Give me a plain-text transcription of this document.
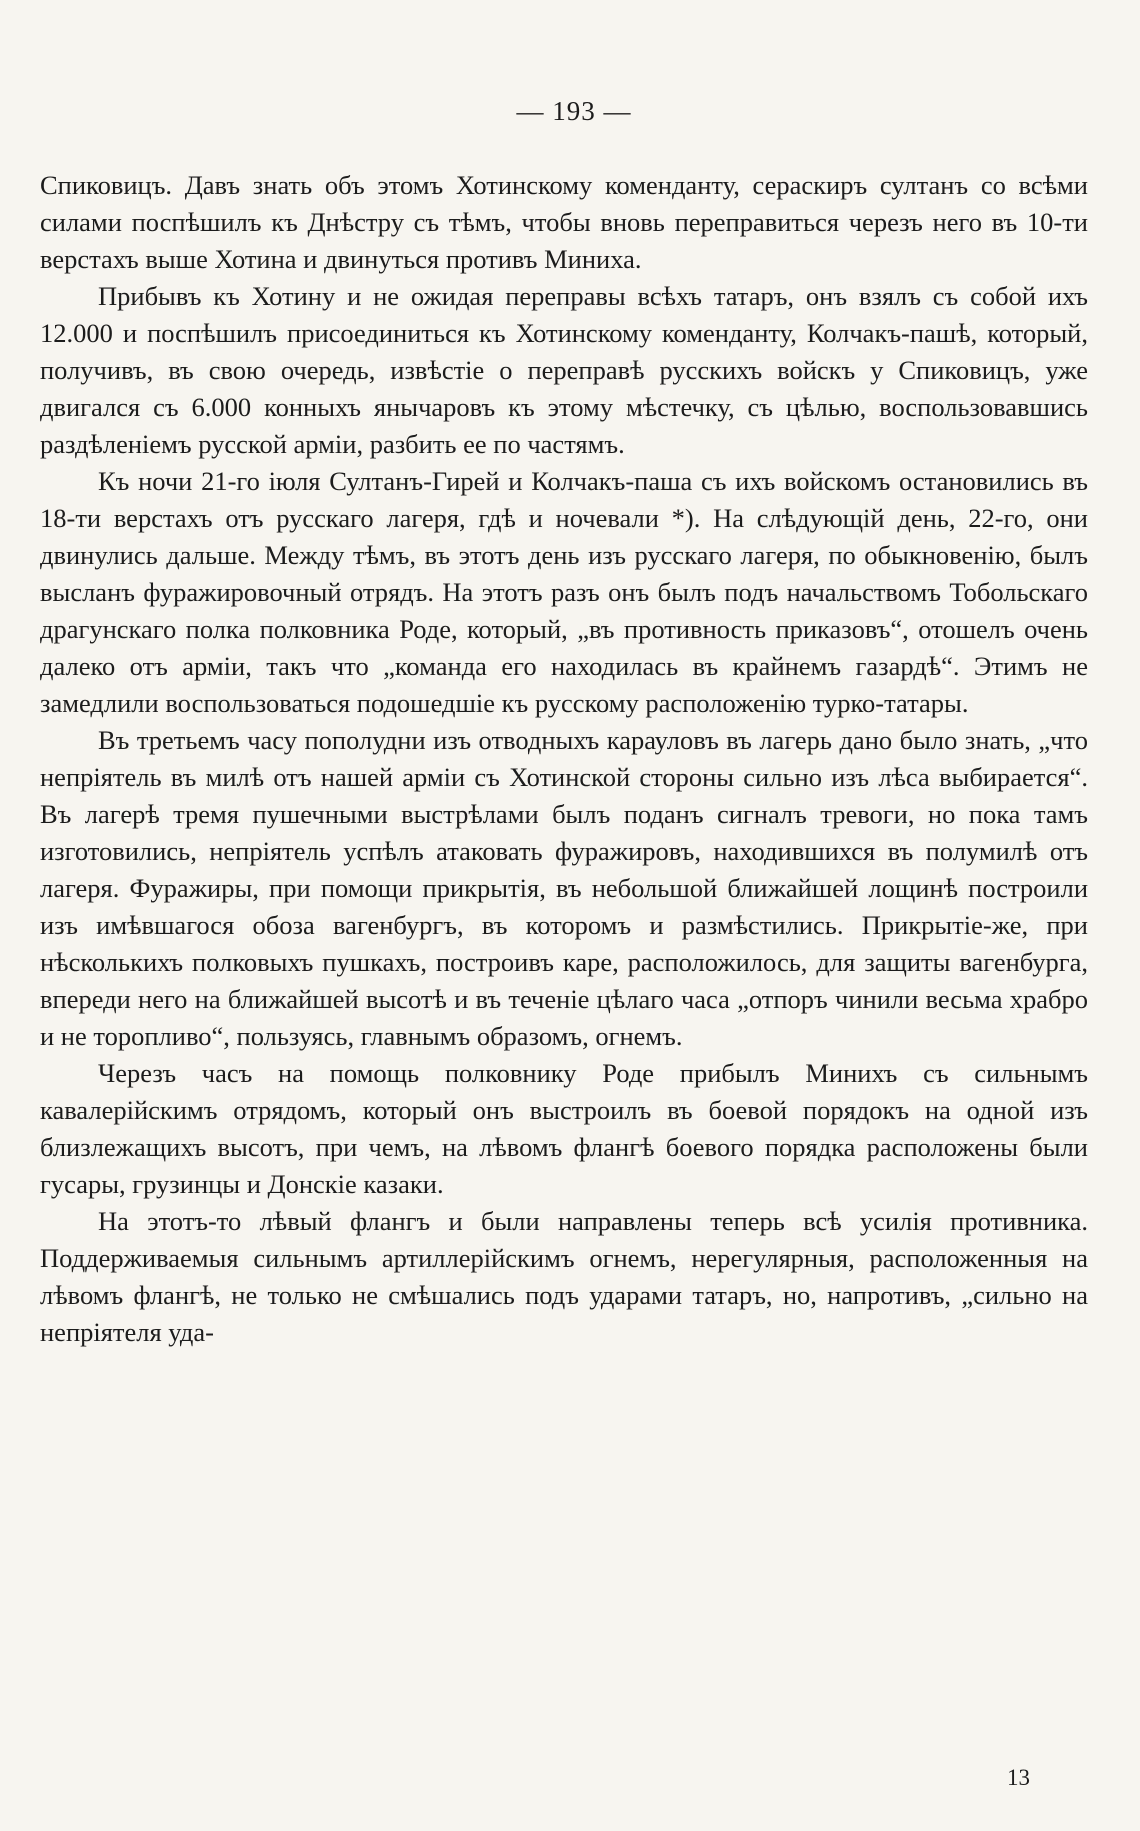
— 193 —

Спиковицъ. Давъ знать объ этомъ Хотинскому коменданту, сераскиръ султанъ со всѣми силами поспѣшилъ къ Днѣстру съ тѣмъ, чтобы вновь переправиться черезъ него въ 10-ти верстахъ выше Хотина и двинуться противъ Миниха.

Прибывъ къ Хотину и не ожидая переправы всѣхъ татаръ, онъ взялъ съ собой ихъ 12.000 и поспѣшилъ присоединиться къ Хотинскому коменданту, Колчакъ-пашѣ, который, получивъ, въ свою очередь, извѣстіе о переправѣ русскихъ войскъ у Спиковицъ, уже двигался съ 6.000 конныхъ янычаровъ къ этому мѣстечку, съ цѣлью, воспользовавшись раздѣленіемъ русской арміи, разбить ее по частямъ.

Къ ночи 21-го іюля Султанъ-Гирей и Колчакъ-паша съ ихъ войскомъ остановились въ 18-ти верстахъ отъ русскаго лагеря, гдѣ и ночевали *). На слѣдующій день, 22-го, они двинулись дальше. Между тѣмъ, въ этотъ день изъ русскаго лагеря, по обыкновенію, былъ высланъ фуражировочный отрядъ. На этотъ разъ онъ былъ подъ начальствомъ Тобольскаго драгунскаго полка полковника Роде, который, „въ противность приказовъ“, отошелъ очень далеко отъ арміи, такъ что „команда его находилась въ крайнемъ газардѣ“. Этимъ не замедлили воспользоваться подошедшіе къ русскому расположенію турко-татары.

Въ третьемъ часу пополудни изъ отводныхъ карауловъ въ лагерь дано было знать, „что непріятель въ милѣ отъ нашей арміи съ Хотинской стороны сильно изъ лѣса выбирается“. Въ лагерѣ тремя пушечными выстрѣлами былъ поданъ сигналъ тревоги, но пока тамъ изготовились, непріятель успѣлъ атаковать фуражировъ, находившихся въ полумилѣ отъ лагеря. Фуражиры, при помощи прикрытія, въ небольшой ближайшей лощинѣ построили изъ имѣвшагося обоза вагенбургъ, въ которомъ и размѣстились. Прикрытіе-же, при нѣсколькихъ полковыхъ пушкахъ, построивъ каре, расположилось, для защиты вагенбурга, впереди него на ближайшей высотѣ и въ теченіе цѣлаго часа „отпоръ чинили весьма храбро и не торопливо“, пользуясь, главнымъ образомъ, огнемъ.

Черезъ часъ на помощь полковнику Роде прибылъ Минихъ съ сильнымъ кавалерійскимъ отрядомъ, который онъ выстроилъ въ боевой порядокъ на одной изъ близлежащихъ высотъ, при чемъ, на лѣвомъ флангѣ боевого порядка расположены были гусары, грузинцы и Донскіе казаки.

На этотъ-то лѣвый флангъ и были направлены теперь всѣ усилія противника. Поддерживаемыя сильнымъ артиллерійскимъ огнемъ, нерегулярныя, расположенныя на лѣвомъ флангѣ, не только не смѣшались подъ ударами татаръ, но, напротивъ, „сильно на непріятеля уда-

13
